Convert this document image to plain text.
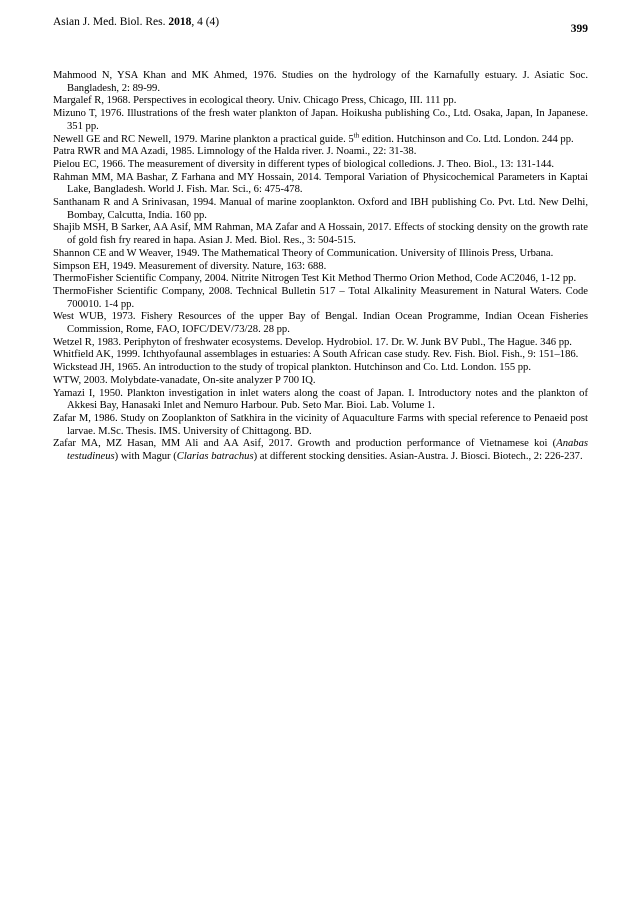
Asian J. Med. Biol. Res. 2018, 4 (4)
399

Mahmood N, YSA Khan and MK Ahmed, 1976. Studies on the hydrology of the Karnafully estuary. J. Asiatic Soc. Bangladesh, 2: 89-99.

Margalef R, 1968. Perspectives in ecological theory. Univ. Chicago Press, Chicago, III. 111 pp.

Mizuno T, 1976. Illustrations of the fresh water plankton of Japan. Hoikusha publishing Co., Ltd. Osaka, Japan, In Japanese. 351 pp.

Newell GE and RC Newell, 1979. Marine plankton a practical guide. 5th edition. Hutchinson and Co. Ltd. London. 244 pp.

Patra RWR and MA Azadi, 1985. Limnology of the Halda river. J. Noami., 22: 31-38.

Pielou EC, 1966. The measurement of diversity in different types of biological colledions. J. Theo. Biol., 13: 131-144.

Rahman MM, MA Bashar, Z Farhana and MY Hossain, 2014. Temporal Variation of Physicochemical Parameters in Kaptai Lake, Bangladesh. World J. Fish. Mar. Sci., 6: 475-478.

Santhanam R and A Srinivasan, 1994. Manual of marine zooplankton. Oxford and IBH publishing Co. Pvt. Ltd. New Delhi, Bombay, Calcutta, India. 160 pp.

Shajib MSH, B Sarker, AA Asif, MM Rahman, MA Zafar and A Hossain, 2017. Effects of stocking density on the growth rate of gold fish fry reared in hapa. Asian J. Med. Biol. Res., 3: 504-515.

Shannon CE and W Weaver, 1949. The Mathematical Theory of Communication. University of Illinois Press, Urbana.

Simpson EH, 1949. Measurement of diversity. Nature, 163: 688.

ThermoFisher Scientific Company, 2004. Nitrite Nitrogen Test Kit Method Thermo Orion Method, Code AC2046, 1-12 pp.

ThermoFisher Scientific Company, 2008. Technical Bulletin 517 – Total Alkalinity Measurement in Natural Waters. Code 700010. 1-4 pp.

West WUB, 1973. Fishery Resources of the upper Bay of Bengal. Indian Ocean Programme, Indian Ocean Fisheries Commission, Rome, FAO, IOFC/DEV/73/28. 28 pp.

Wetzel R, 1983. Periphyton of freshwater ecosystems. Develop. Hydrobiol. 17. Dr. W. Junk BV Publ., The Hague. 346 pp.

Whitfield AK, 1999. Ichthyofaunal assemblages in estuaries: A South African case study. Rev. Fish. Biol. Fish., 9: 151–186.

Wickstead JH, 1965. An introduction to the study of tropical plankton. Hutchinson and Co. Ltd. London. 155 pp.

WTW, 2003. Molybdate-vanadate, On-site analyzer P 700 IQ.

Yamazi I, 1950. Plankton investigation in inlet waters along the coast of Japan. I. Introductory notes and the plankton of Akkesi Bay, Hanasaki Inlet and Nemuro Harbour. Pub. Seto Mar. Bioi. Lab. Volume 1.

Zafar M, 1986. Study on Zooplankton of Satkhira in the vicinity of Aquaculture Farms with special reference to Penaeid post larvae. M.Sc. Thesis. IMS. University of Chittagong. BD.

Zafar MA, MZ Hasan, MM Ali and AA Asif, 2017. Growth and production performance of Vietnamese koi (Anabas testudineus) with Magur (Clarias batrachus) at different stocking densities. Asian-Austra. J. Biosci. Biotech., 2: 226-237.
